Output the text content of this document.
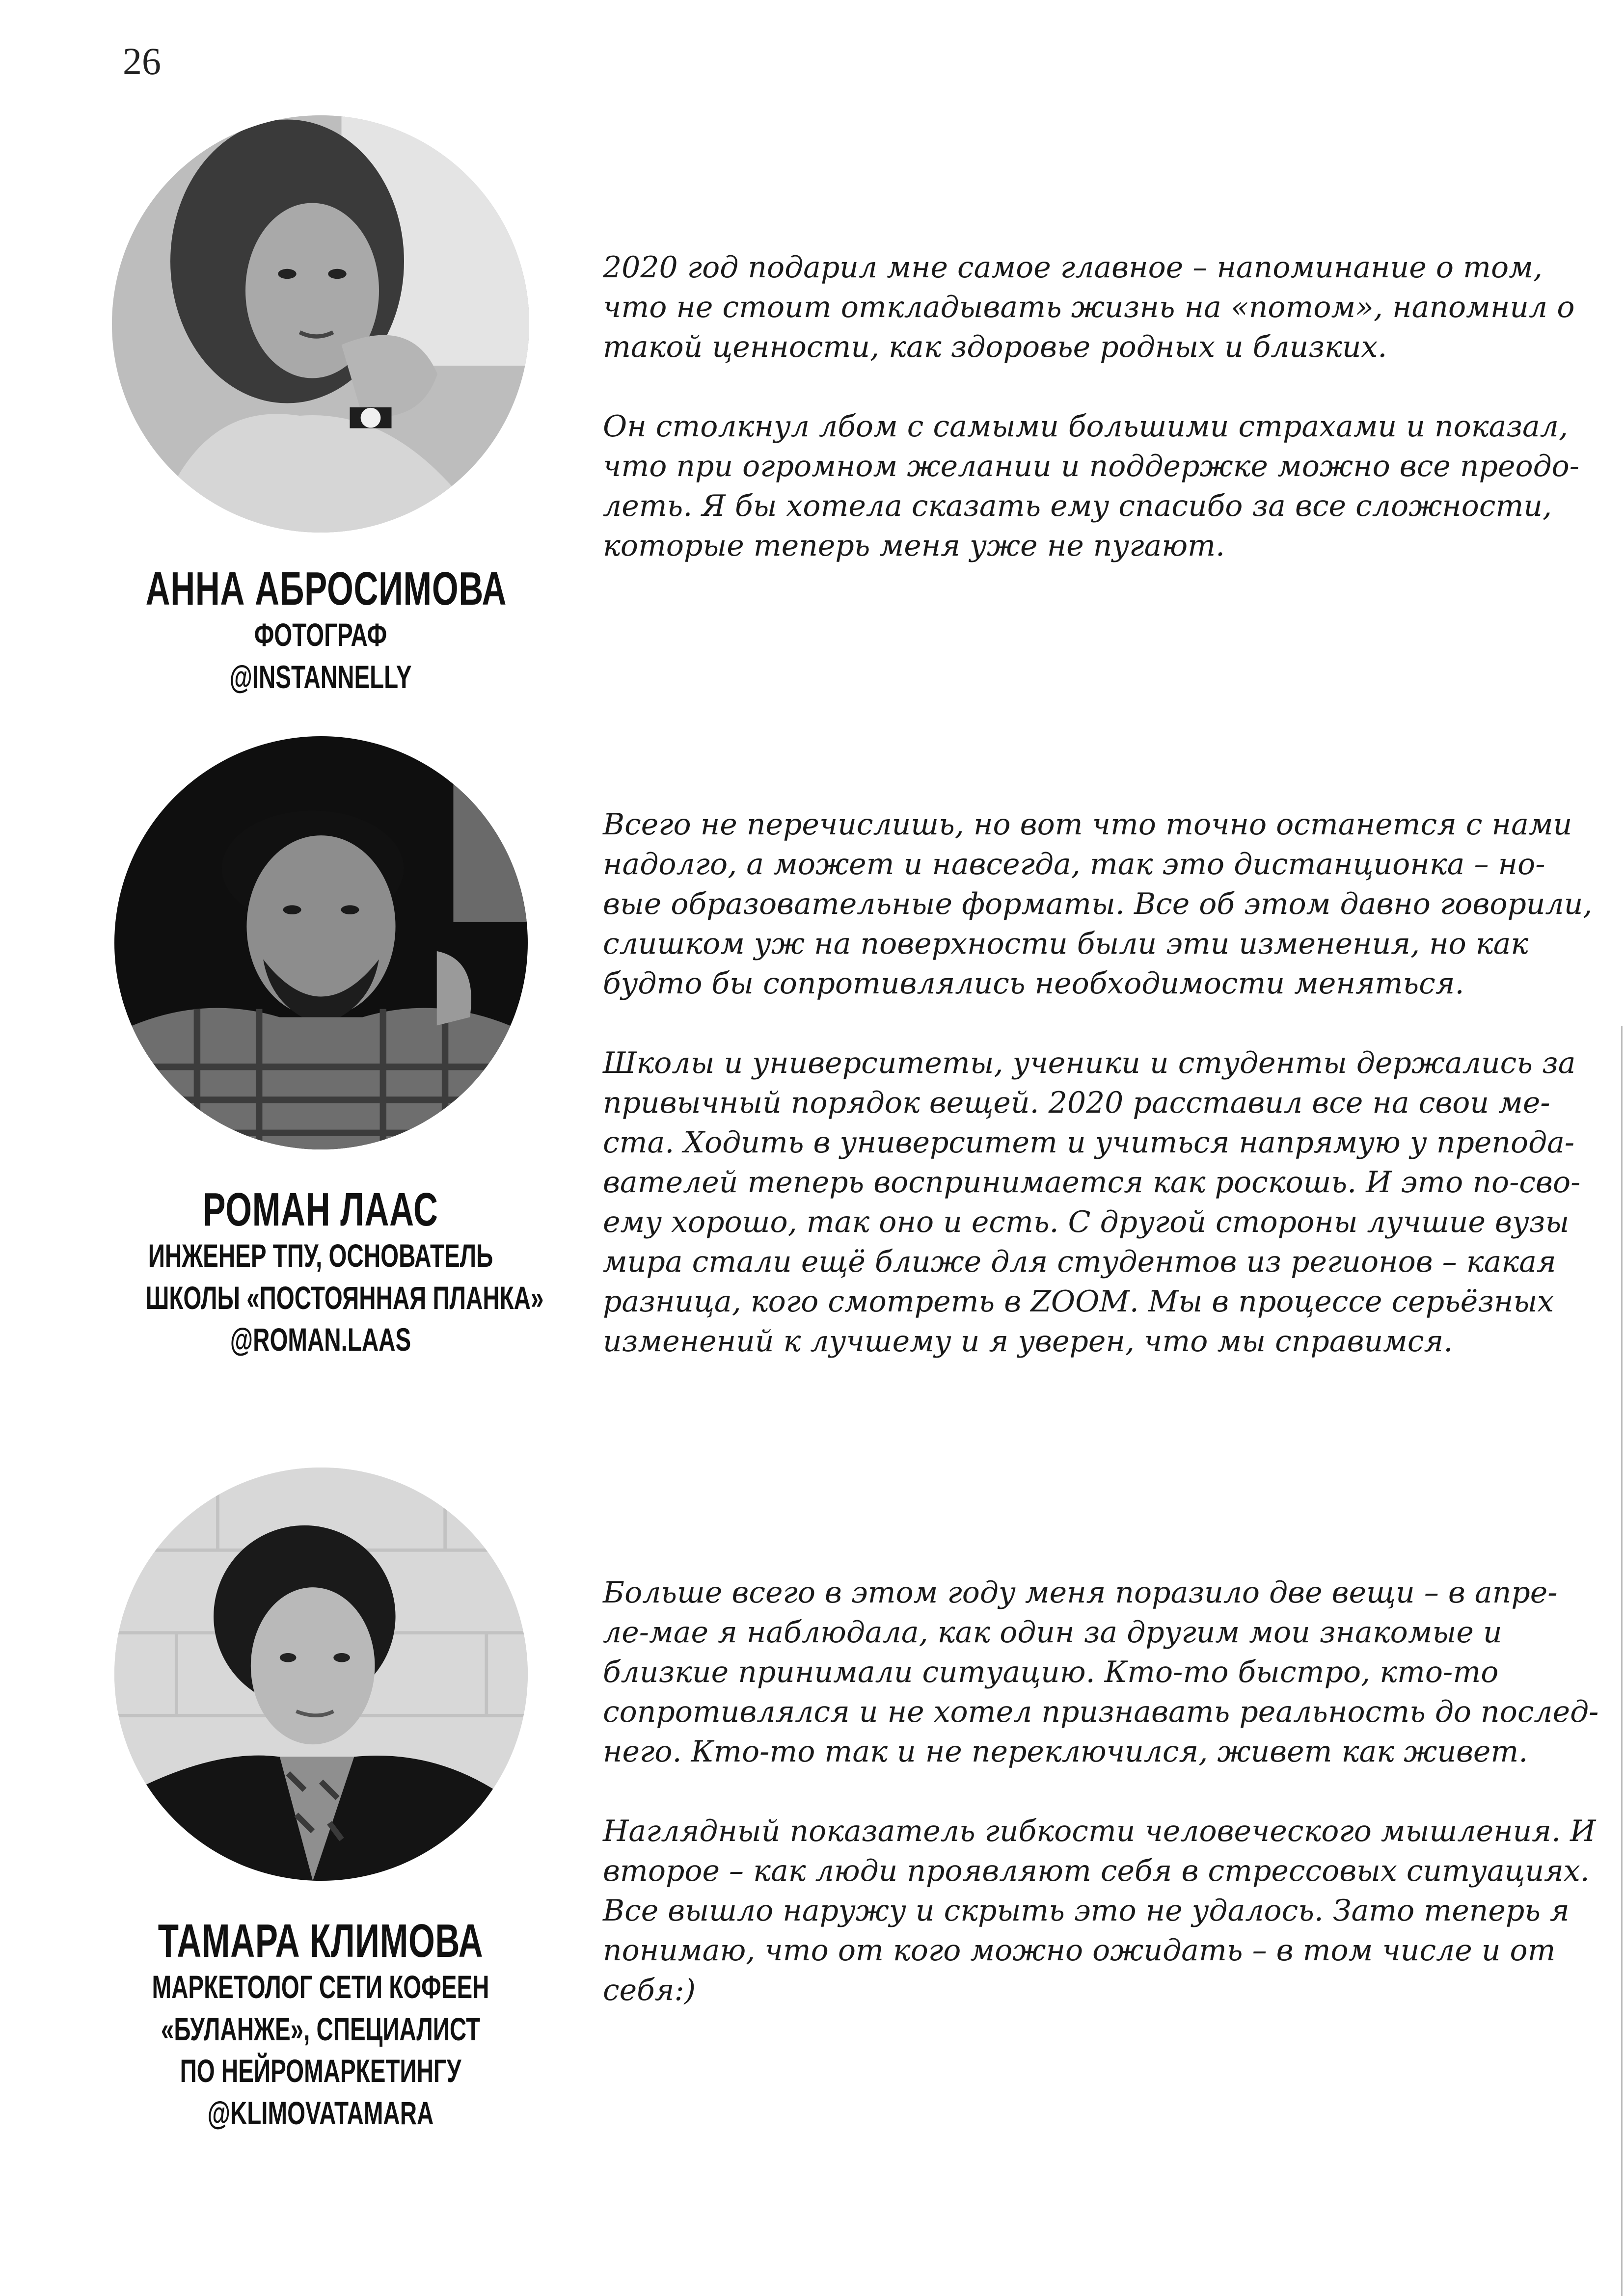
26
АННА АБРОСИМОВА
ФОТОГРАФ
@INSTANNELLY

2020 год подарил мне самое главное – напоминание о том,
что не стоит откладывать жизнь на «потом», напомнил о
такой ценности, как здоровье родных и близких.

Он столкнул лбом с самыми большими страхами и показал,
что при огромном желании и поддержке можно все преодо-
леть. Я бы хотела сказать ему спасибо за все сложности,
которые теперь меня уже не пугают.

РОМАН ЛААС
ИНЖЕНЕР ТПУ, ОСНОВАТЕЛЬ
ШКОЛЫ «ПОСТОЯННАЯ ПЛАНКА»
@ROMAN.LAAS

Всего не перечислишь, но вот что точно останется с нами
надолго, а может и навсегда, так это дистанционка – но-
вые образовательные форматы. Все об этом давно говорили,
слишком уж на поверхности были эти изменения, но как
будто бы сопротивлялись необходимости меняться.

Школы и университеты, ученики и студенты держались за
привычный порядок вещей. 2020 расставил все на свои ме-
ста. Ходить в университет и учиться напрямую у препода-
вателей теперь воспринимается как роскошь. И это по-сво-
ему хорошо, так оно и есть. С другой стороны лучшие вузы
мира стали ещё ближе для студентов из регионов – какая
разница, кого смотреть в ZOOM. Мы в процессе серьёзных
изменений к лучшему и я уверен, что мы справимся.

ТАМАРА КЛИМОВА
МАРКЕТОЛОГ СЕТИ КОФЕЕН
«БУЛАНЖЕ», СПЕЦИАЛИСТ
ПО НЕЙРОМАРКЕТИНГУ
@KLIMOVATAMARA

Больше всего в этом году меня поразило две вещи – в апре-
ле-мае я наблюдала, как один за другим мои знакомые и
близкие принимали ситуацию. Кто-то быстро, кто-то
сопротивлялся и не хотел признавать реальность до послед-
него. Кто-то так и не переключился, живет как живет.

Наглядный показатель гибкости человеческого мышления. И
второе – как люди проявляют себя в стрессовых ситуациях.
Все вышло наружу и скрыть это не удалось. Зато теперь я
понимаю, что от кого можно ожидать – в том числе и от
себя:)
